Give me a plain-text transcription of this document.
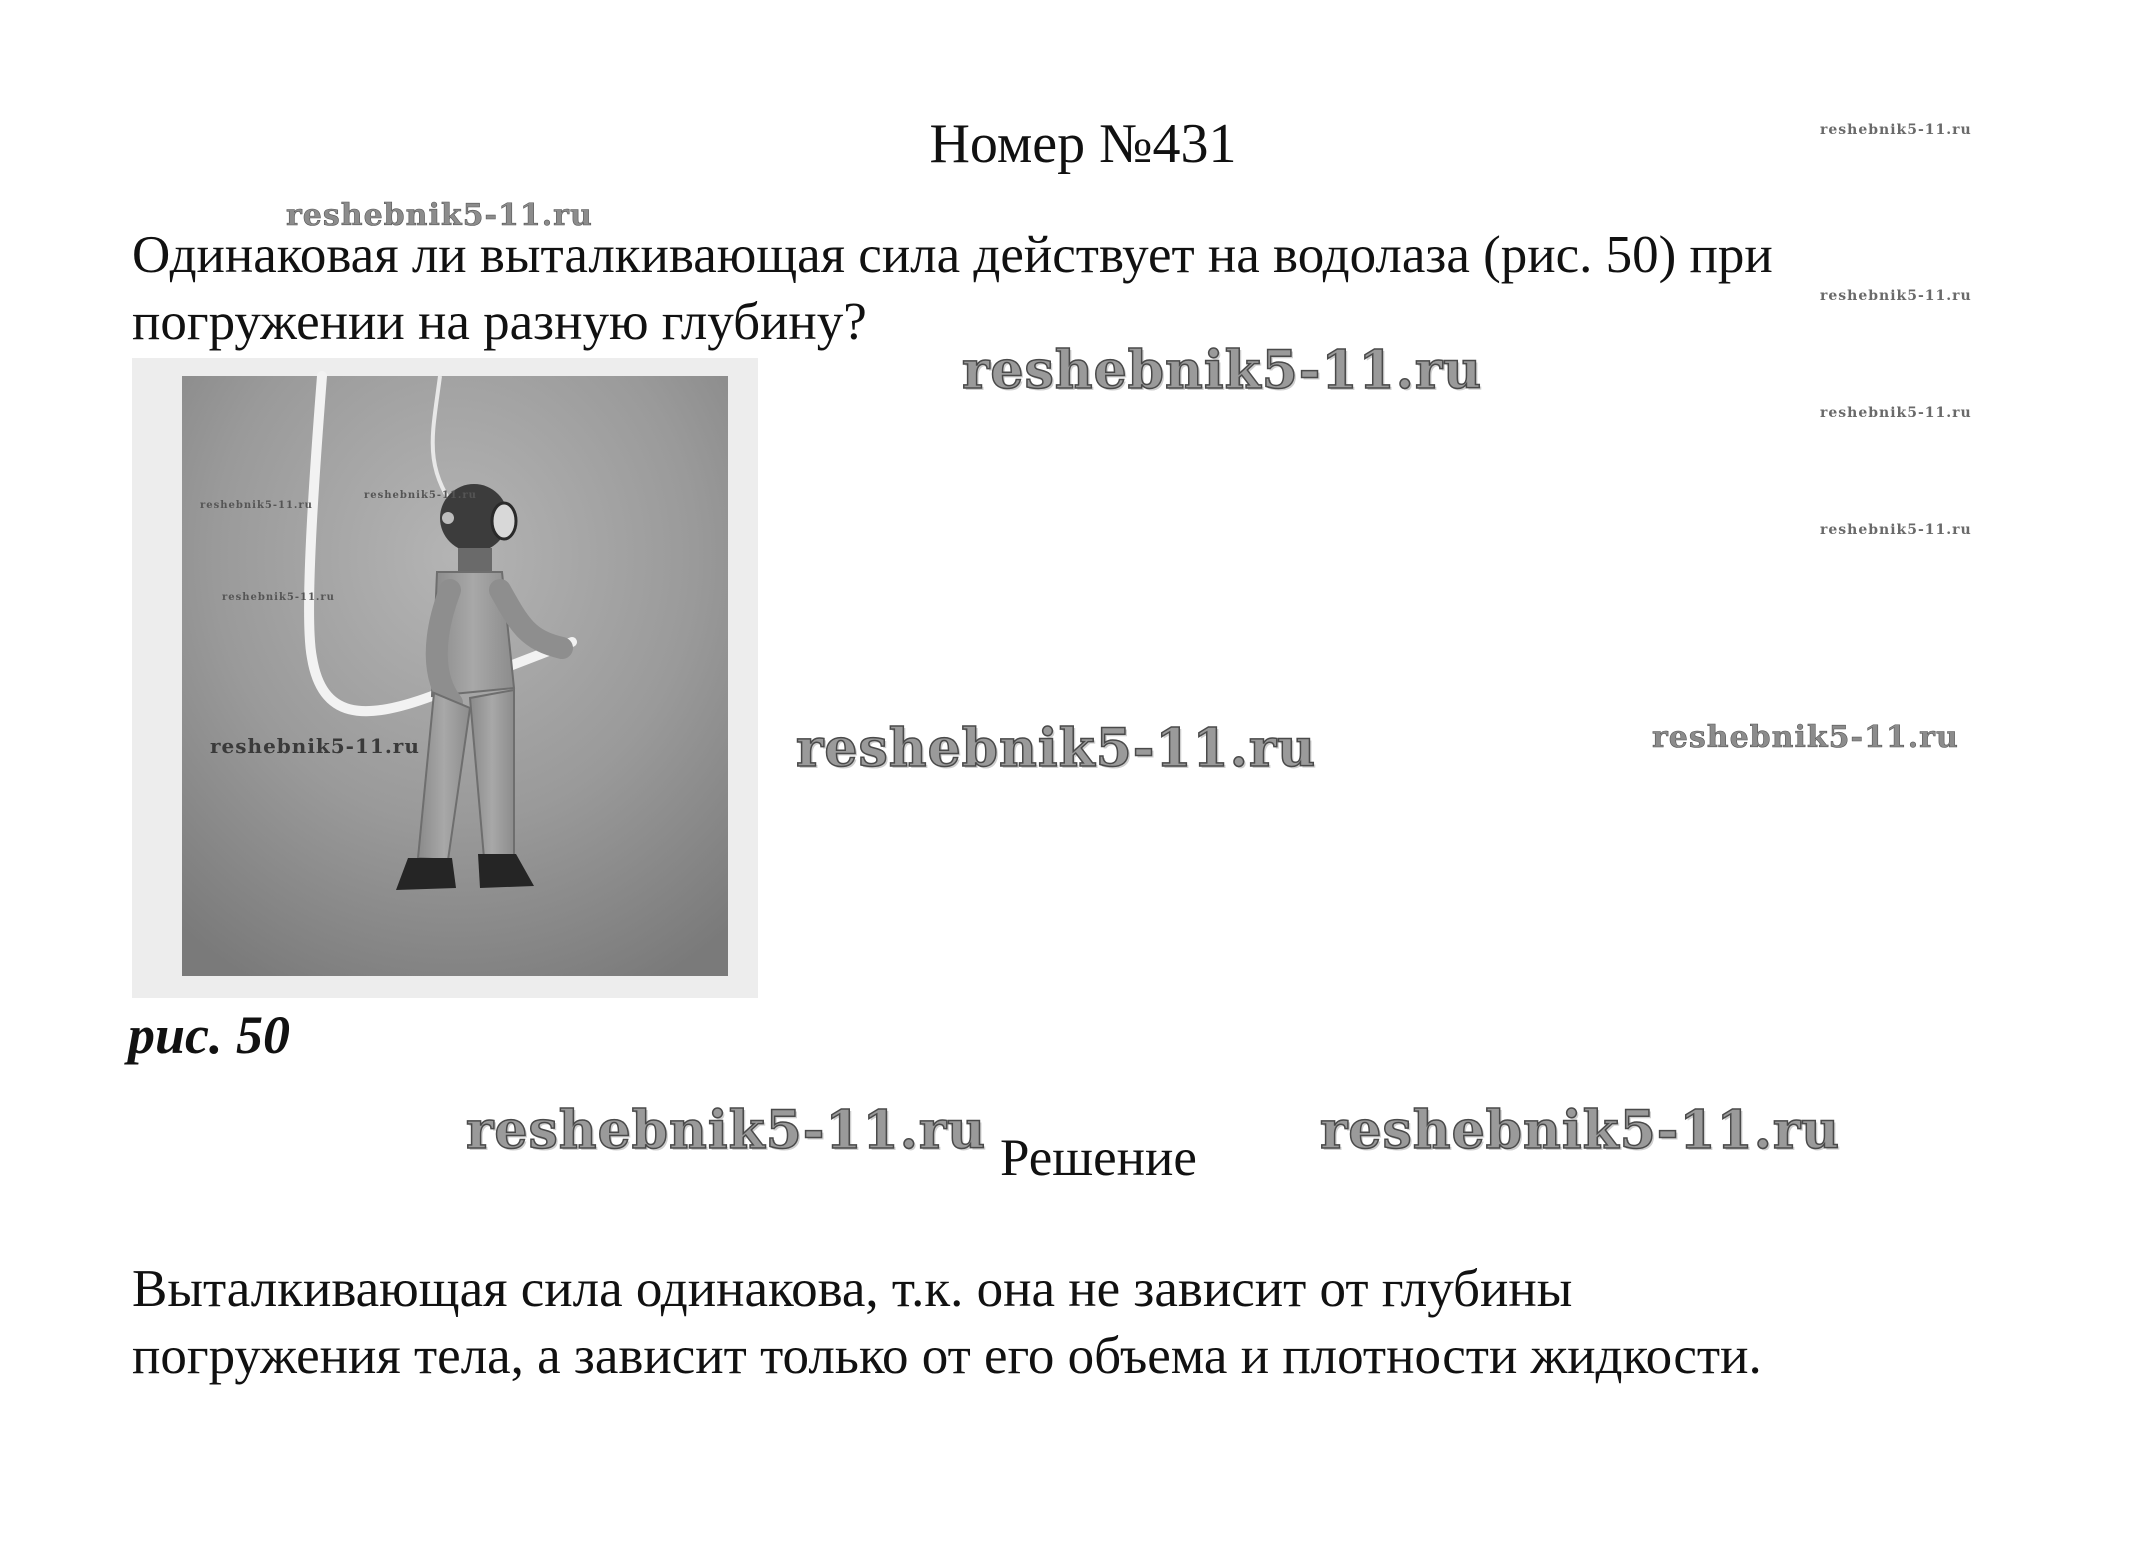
Номер №431
Одинаковая ли выталкивающая сила действует на водолаза (рис. 50) при
погружении на разную глубину?
рис. 50
Решение
Выталкивающая сила одинакова, т.к. она не зависит от глубины
погружения тела, а зависит только от его объема и плотности жидкости.
reshebnik5-11.ru
reshebnik5-11.ru
reshebnik5-11.ru
reshebnik5-11.ru
reshebnik5-11.ru
reshebnik5-11.ru
reshebnik5-11.ru	reshebnik5-11.ru
reshebnik5-11.ru	reshebnik5-11.ru
reshebnik5-11.ru
reshebnik5-11.ru
reshebnik5-11.ru
reshebnik5-11.ru
